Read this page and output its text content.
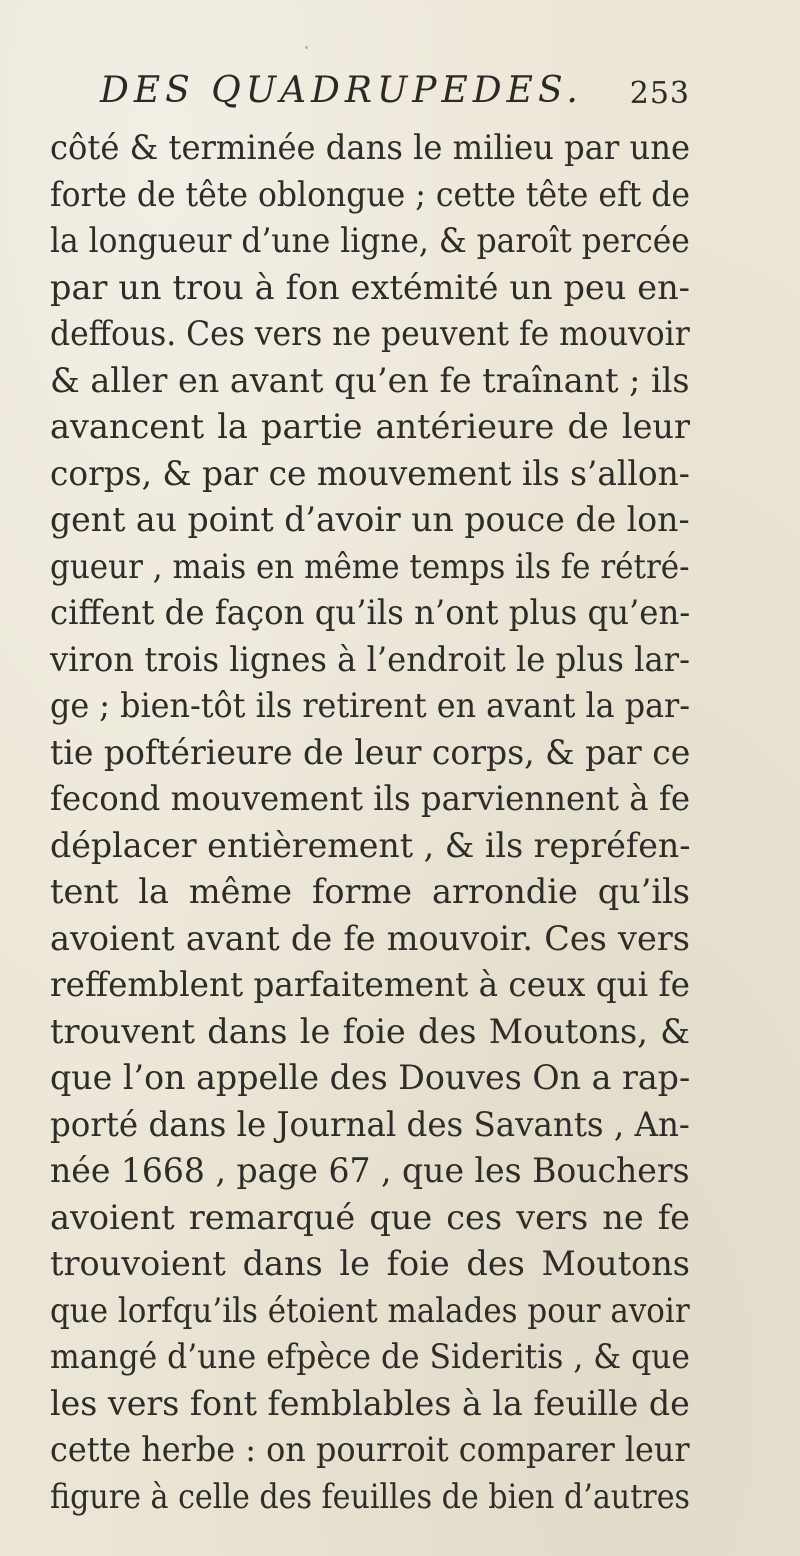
DES QUADRUPEDES. 253
côté & terminée dans le milieu par une
forte de tête oblongue ; cette tête eft de
la longueur d’une ligne, & paroît percée
par un trou à fon extémité un peu en-
deffous. Ces vers ne peuvent fe mouvoir
& aller en avant qu’en fe traînant ; ils
avancent la partie antérieure de leur
corps, & par ce mouvement ils s’allon-
gent au point d’avoir un pouce de lon-
gueur , mais en même temps ils fe rétré-
ciffent de façon qu’ils n’ont plus qu’en-
viron trois lignes à l’endroit le plus lar-
ge ; bien-tôt ils retirent en avant la par-
tie poftérieure de leur corps, & par ce
fecond mouvement ils parviennent à fe
déplacer entièrement , & ils repréfen-
tent la même forme arrondie qu’ils
avoient avant de fe mouvoir. Ces vers
reffemblent parfaitement à ceux qui fe
trouvent dans le foie des Moutons, &
que l’on appelle des Douves On a rap-
porté dans le Journal des Savants , An-
née 1668 , page 67 , que les Bouchers
avoient remarqué que ces vers ne fe
trouvoient dans le foie des Moutons
que lorfqu’ils étoient malades pour avoir
mangé d’une efpèce de Sideritis , & que
les vers font femblables à la feuille de
cette herbe : on pourroit comparer leur
figure à celle des feuilles de bien d’autres
